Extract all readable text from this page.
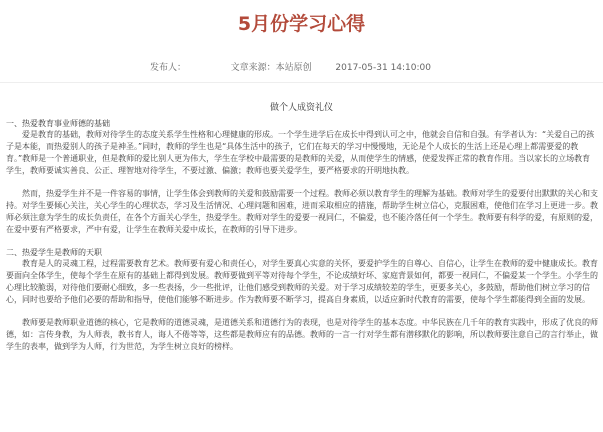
5月份学习心得
发布人：	文章来源：本站原创	2017-05-31 14:10:00
做个人成资礼仪

一、热爱教育事业师德的基础

爱是教育的基础，教师对待学生的态度关系学生性格和心理健康的形成。一个学生进学后在成长中得到认可之中，他就会自信和自强。有学者认为：“关爱自己的孩子是本能，而热爱别人的孩子是神圣。”同时，教师的学生也是“具体生活中的孩子，它们在每天的学习中慢慢地，无论是个人成长的生活上还是心理上都需要爱的教育。”教师是一个普通职业，但是教师的爱比别人更为伟大，学生在学校中最需要的是教师的关爱，从而使学生的情感，使爱发挥正常的教育作用。当以家长的立场教育学生，教师要诚实善良、公正、理智地对待学生，不要过激、偏激；教师也要关爱学生，要严格要求的开明地执教。

然而，热爱学生并不是一件容易的事情，让学生体会到教师的关爱和鼓励需要一个过程。教师必须以教育学生的理解为基础。教师对学生的爱要付出默默的关心和支持。对学生要倾心关注，关心学生的心理状态，学习及生活情况、心理问题和困难，进而采取相应的措施，帮助学生树立信心，克服困难，使他们在学习上更进一步。教师必须注意为学生的成长负责任，在各个方面关心学生，热爱学生。教师对学生的爱要一视同仁，不偏爱，也不能冷落任何一个学生。教师要有科学的爱，有原则的爱，在爱中要有严格要求，严中有爱，让学生在教师关爱中成长，在教师的引导下进步。

二、热爱学生是教师的天职

教育是人的灵魂工程，过程需要教育艺术。教师要有爱心和责任心，对学生要真心实意的关怀，要爱护学生的自尊心、自信心，让学生在教师的爱中健康成长。教育要面向全体学生，使每个学生在原有的基础上都得到发展。教师要做到平等对待每个学生，不论成绩好坏、家庭背景如何，都要一视同仁，不偏爱某一个学生。小学生的心理比较脆弱，对待他们要耐心细致，多一些表扬，少一些批评，让他们感受到教师的关爱。对于学习成绩较差的学生，更要多关心，多鼓励，帮助他们树立学习的信心，同时也要给予他们必要的帮助和指导，使他们能够不断进步。作为教师要不断学习，提高自身素质，以适应新时代教育的需要，使每个学生都能得到全面的发展。

教师要是教师职业道德的核心，它是教师的道德灵魂，是道德关系和道德行为的表现，也是对待学生的基本态度。中华民族在几千年的教育实践中，形成了优良的师德，如：言传身教，为人师表，教书育人，诲人不倦等等，这些都是教师应有的品德。教师的一言一行对学生都有潜移默化的影响，所以教师要注意自己的言行举止，做学生的表率，做到学为人师，行为世范，为学生树立良好的榜样。
